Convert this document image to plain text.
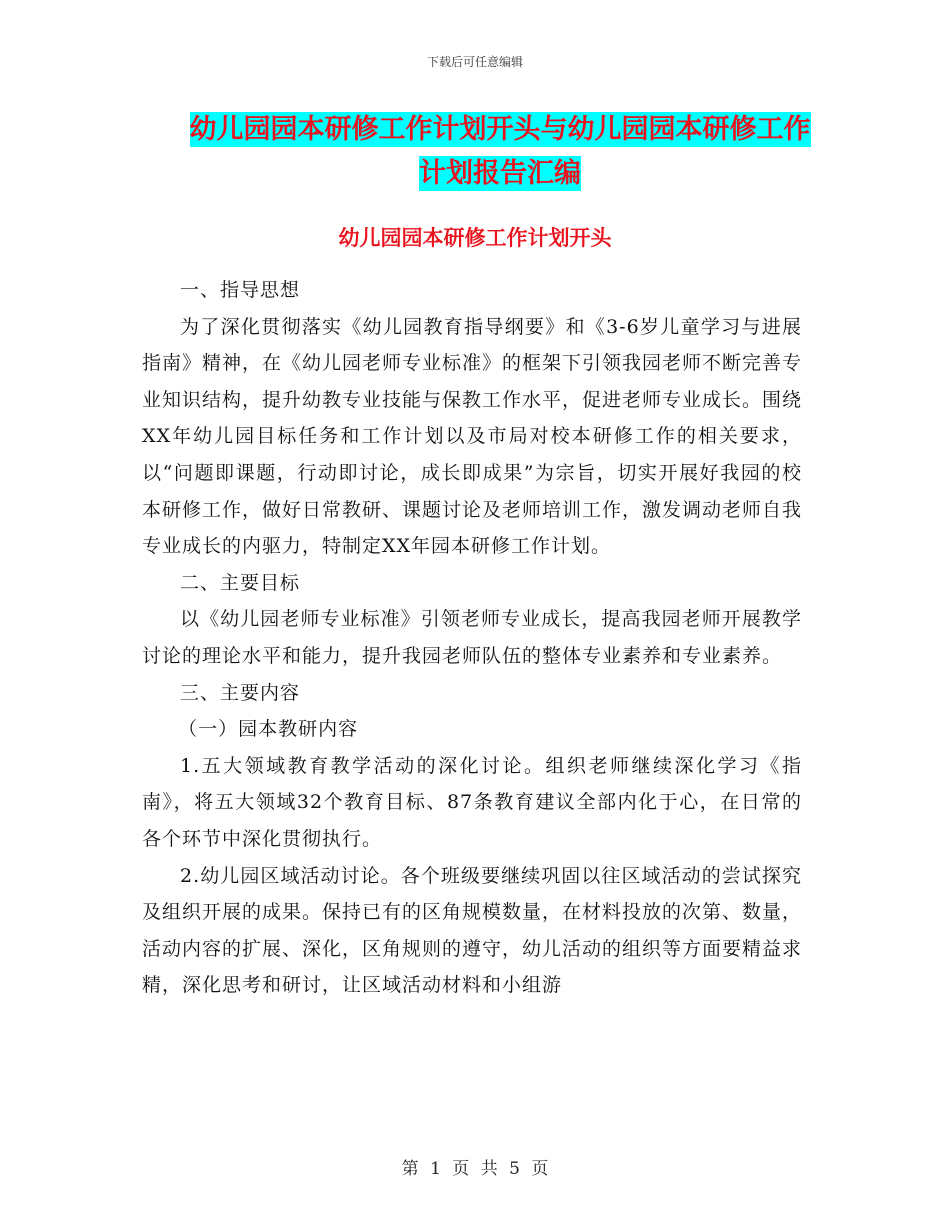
下载后可任意编辑
幼儿园园本研修工作计划开头与幼儿园园本研修工作
计划报告汇编
幼儿园园本研修工作计划开头

一、指导思想

为了深化贯彻落实《幼儿园教育指导纲要》和《3-6岁儿童学习与进展指南》精神，在《幼儿园老师专业标准》的框架下引领我园老师不断完善专业知识结构，提升幼教专业技能与保教工作水平，促进老师专业成长。围绕XX年幼儿园目标任务和工作计划以及市局对校本研修工作的相关要求，以“问题即课题，行动即讨论，成长即成果”为宗旨，切实开展好我园的校本研修工作，做好日常教研、课题讨论及老师培训工作，激发调动老师自我专业成长的内驱力，特制定XX年园本研修工作计划。

二、主要目标

以《幼儿园老师专业标准》引领老师专业成长，提高我园老师开展教学讨论的理论水平和能力，提升我园老师队伍的整体专业素养和专业素养。

三、主要内容

（一）园本教研内容

1.五大领域教育教学活动的深化讨论。组织老师继续深化学习《指南》，将五大领域32个教育目标、87条教育建议全部内化于心，在日常的各个环节中深化贯彻执行。

2.幼儿园区域活动讨论。各个班级要继续巩固以往区域活动的尝试探究及组织开展的成果。保持已有的区角规模数量，在材料投放的次第、数量，活动内容的扩展、深化，区角规则的遵守，幼儿活动的组织等方面要精益求精，深化思考和研讨，让区域活动材料和小组游

第 1 页 共 5 页
